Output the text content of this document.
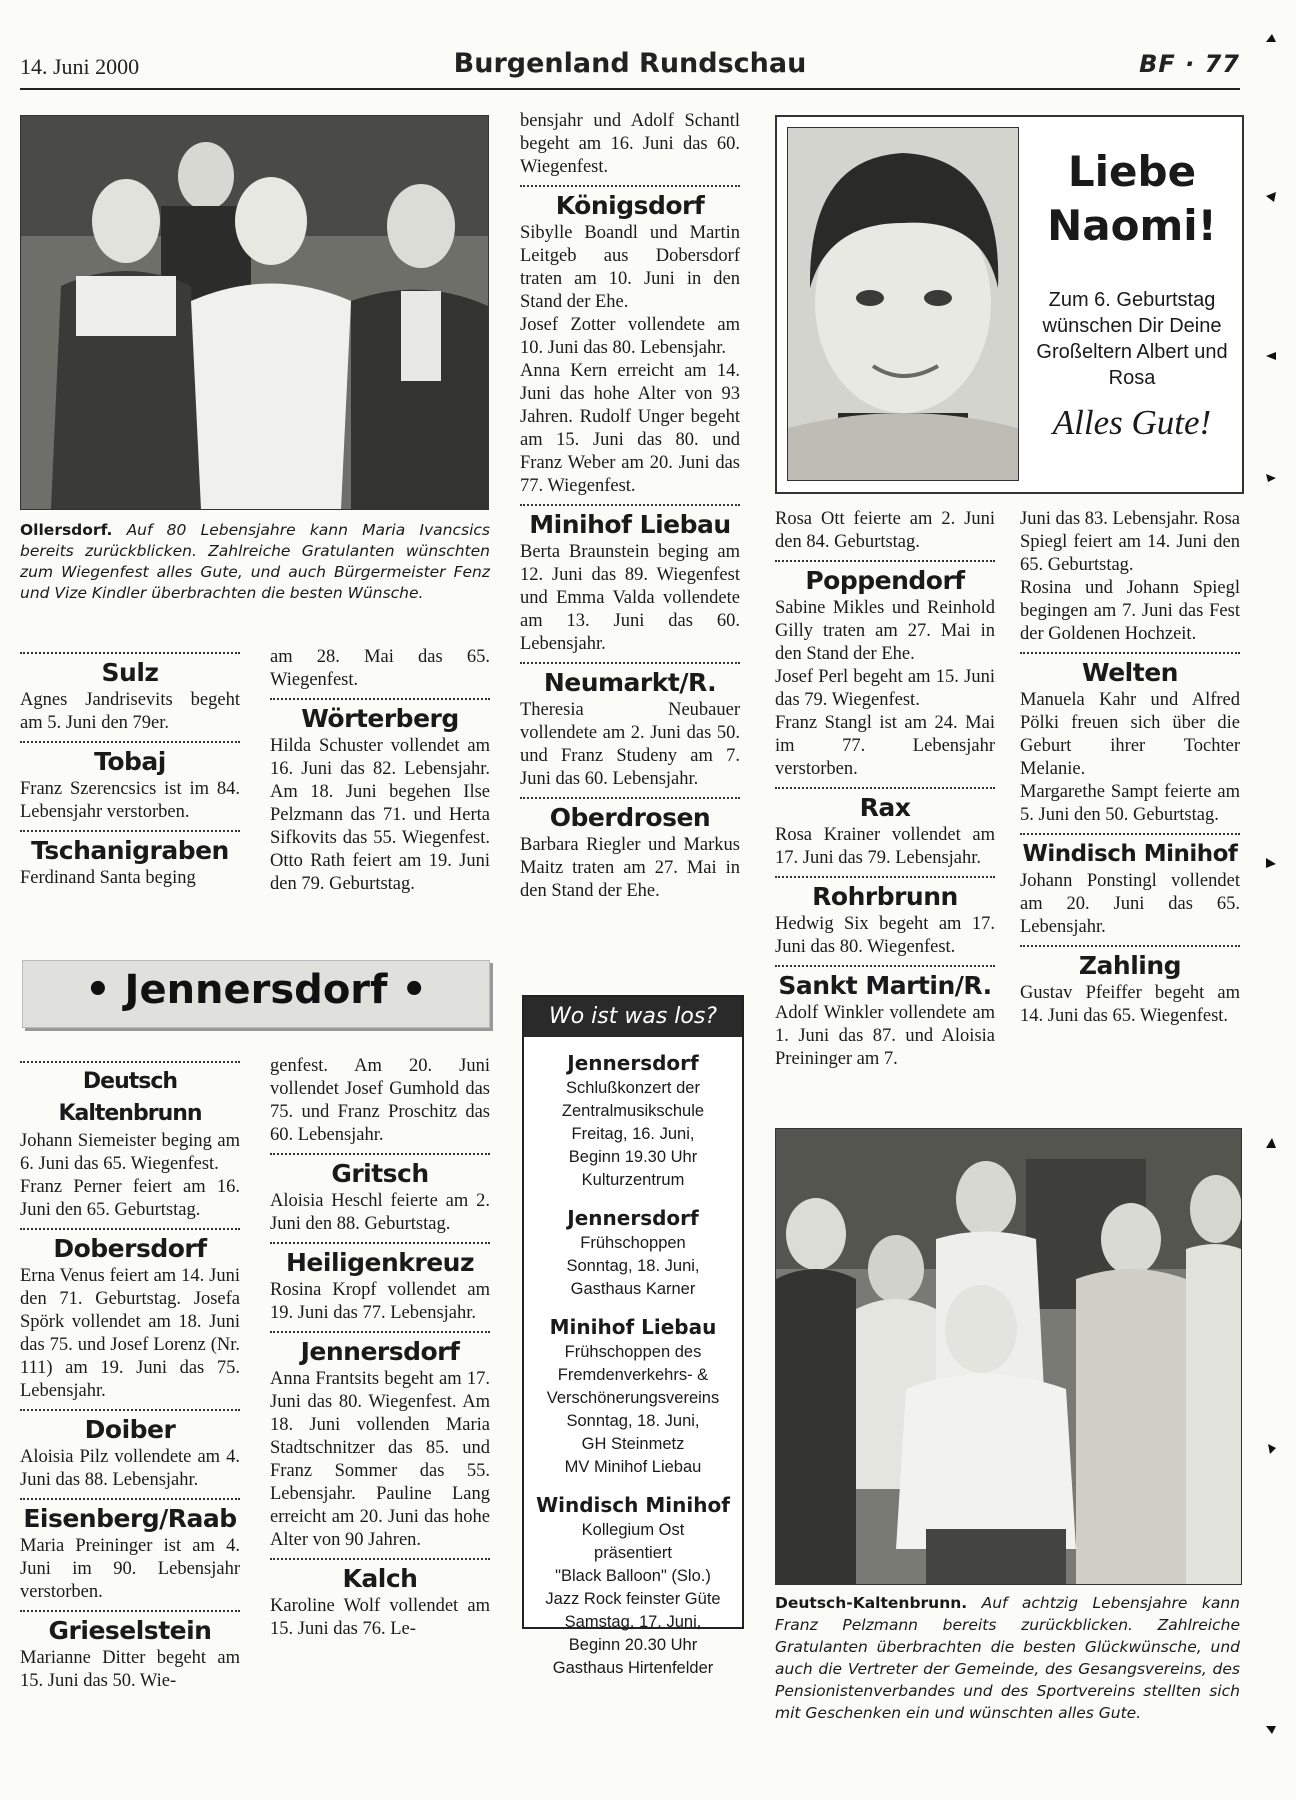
14. Juni 2000	Burgenland Rundschau	BF · 77
Ollersdorf. Auf 80 Lebensjahre kann Maria Ivancsics bereits zurückblicken. Zahlreiche Gratulanten wünschten zum Wiegenfest alles Gute, und auch Bürgermeister Fenz und Vize Kindler überbrachten die besten Wünsche.
Sulz

Agnes Jandrisevits begeht am 5. Juni den 79er.

Tobaj

Franz Szerencsics ist im 84. Lebensjahr verstorben.

Tschanigraben

Ferdinand Santa beging

am 28. Mai das 65. Wiegenfest.

Wörterberg

Hilda Schuster vollendet am 16. Juni das 82. Lebensjahr. Am 18. Juni begehen Ilse Pelzmann das 71. und Herta Sifkovits das 55. Wiegenfest. Otto Rath feiert am 19. Juni den 79. Geburtstag.

• Jennersdorf •
Deutsch Kaltenbrunn

Johann Siemeister beging am 6. Juni das 65. Wiegenfest.

Franz Perner feiert am 16. Juni den 65. Geburtstag.

Dobersdorf

Erna Venus feiert am 14. Juni den 71. Geburtstag. Josefa Spörk vollendet am 18. Juni das 75. und Josef Lorenz (Nr. 111) am 19. Juni das 75. Lebensjahr.

Doiber

Aloisia Pilz vollendete am 4. Juni das 88. Lebensjahr.

Eisenberg/Raab

Maria Preininger ist am 4. Juni im 90. Lebensjahr verstorben.

Grieselstein

Marianne Ditter begeht am 15. Juni das 50. Wie-

genfest. Am 20. Juni vollendet Josef Gumhold das 75. und Franz Proschitz das 60. Lebensjahr.

Gritsch

Aloisia Heschl feierte am 2. Juni den 88. Geburtstag.

Heiligenkreuz

Rosina Kropf vollendet am 19. Juni das 77. Lebensjahr.

Jennersdorf

Anna Frantsits begeht am 17. Juni das 80. Wiegenfest. Am 18. Juni vollenden Maria Stadtschnitzer das 85. und Franz Sommer das 55. Lebensjahr. Pauline Lang erreicht am 20. Juni das hohe Alter von 90 Jahren.

Kalch

Karoline Wolf vollendet am 15. Juni das 76. Le-

bensjahr und Adolf Schantl begeht am 16. Juni das 60. Wiegenfest.

Königsdorf

Sibylle Boandl und Martin Leitgeb aus Dobersdorf traten am 10. Juni in den Stand der Ehe.

Josef Zotter vollendete am 10. Juni das 80. Lebensjahr.

Anna Kern erreicht am 14. Juni das hohe Alter von 93 Jahren. Rudolf Unger begeht am 15. Juni das 80. und Franz Weber am 20. Juni das 77. Wiegenfest.

Minihof Liebau

Berta Braunstein beging am 12. Juni das 89. Wiegenfest und Emma Valda vollendete am 13. Juni das 60. Lebensjahr.

Neumarkt/R.

Theresia Neubauer vollendete am 2. Juni das 50. und Franz Studeny am 7. Juni das 60. Lebensjahr.

Oberdrosen

Barbara Riegler und Markus Maitz traten am 27. Mai in den Stand der Ehe.

Wo ist was los?
Jennersdorf
Schlußkonzert der
Zentralmusikschule
Freitag, 16. Juni,
Beginn 19.30 Uhr
Kulturzentrum
Jennersdorf
Frühschoppen
Sonntag, 18. Juni,
Gasthaus Karner
Minihof Liebau
Frühschoppen des
Fremdenverkehrs- &
Verschönerungsvereins
Sonntag, 18. Juni,
GH Steinmetz
MV Minihof Liebau
Windisch Minihof
Kollegium Ost
präsentiert
"Black Balloon" (Slo.)
Jazz Rock feinster Güte
Samstag, 17. Juni,
Beginn 20.30 Uhr
Gasthaus Hirtenfelder
Liebe Naomi!
Zum 6. Geburtstag wünschen Dir Deine Großeltern Albert und Rosa
Alles Gute!

Rosa Ott feierte am 2. Juni den 84. Geburtstag.

Poppendorf

Sabine Mikles und Reinhold Gilly traten am 27. Mai in den Stand der Ehe.

Josef Perl begeht am 15. Juni das 79. Wiegenfest.

Franz Stangl ist am 24. Mai im 77. Lebensjahr verstorben.

Rax

Rosa Krainer vollendet am 17. Juni das 79. Lebensjahr.

Rohrbrunn

Hedwig Six begeht am 17. Juni das 80. Wiegenfest.

Sankt Martin/R.

Adolf Winkler vollendete am 1. Juni das 87. und Aloisia Preininger am 7.

Juni das 83. Lebensjahr. Rosa Spiegl feiert am 14. Juni den 65. Geburtstag.

Rosina und Johann Spiegl begingen am 7. Juni das Fest der Goldenen Hochzeit.

Welten

Manuela Kahr und Alfred Pölki freuen sich über die Geburt ihrer Tochter Melanie.

Margarethe Sampt feierte am 5. Juni den 50. Geburtstag.

Windisch Minihof

Johann Ponstingl vollendet am 20. Juni das 65. Lebensjahr.

Zahling

Gustav Pfeiffer begeht am 14. Juni das 65. Wiegenfest.

Deutsch-Kaltenbrunn. Auf achtzig Lebensjahre kann Franz Pelzmann bereits zurückblicken. Zahlreiche Gratulanten überbrachten die besten Glückwünsche, und auch die Vertreter der Gemeinde, des Gesangsvereins, des Pensionistenverbandes und des Sportvereins stellten sich mit Geschenken ein und wünschten alles Gute.
